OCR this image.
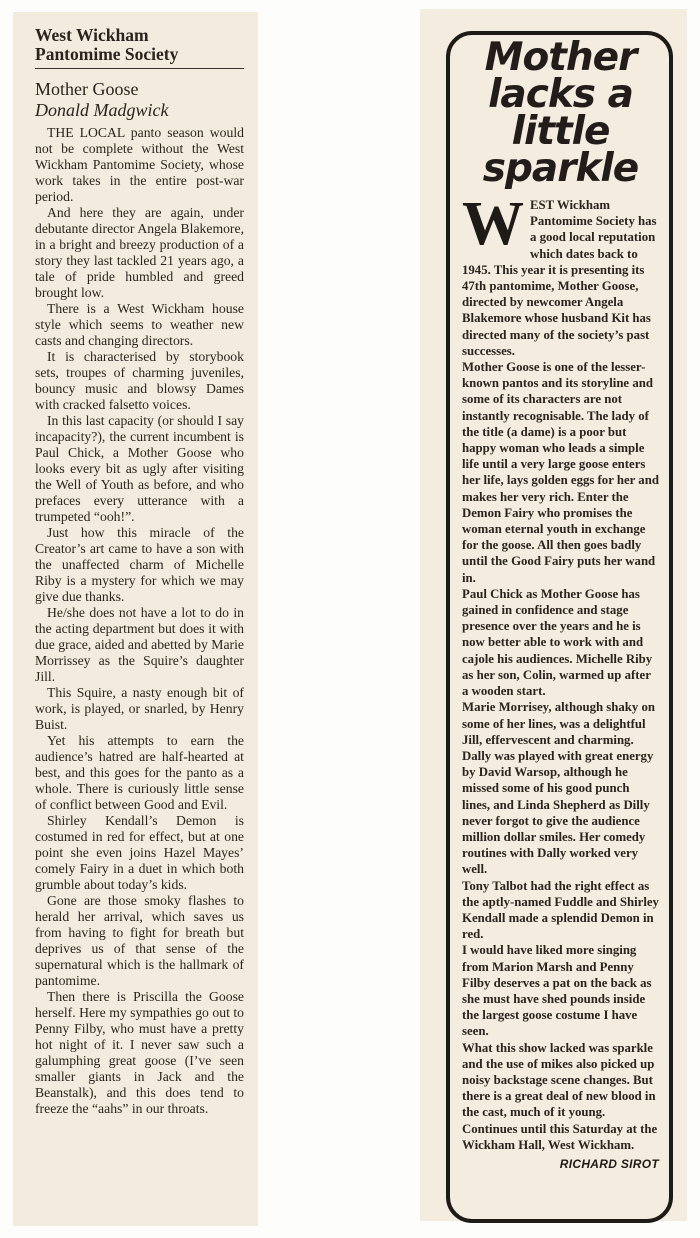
West Wickham
Pantomime Society
Mother Goose
Donald Madgwick

THE LOCAL panto season would not be complete without the West Wickham Pantomime Society, whose work takes in the entire post-war period.

And here they are again, under debutante director Angela Blakemore, in a bright and breezy production of a story they last tackled 21 years ago, a tale of pride humbled and greed brought low.

There is a West Wickham house style which seems to weather new casts and changing directors.

It is characterised by storybook sets, troupes of charming juveniles, bouncy music and blowsy Dames with cracked falsetto voices.

In this last capacity (or should I say incapacity?), the current incumbent is Paul Chick, a Mother Goose who looks every bit as ugly after visiting the Well of Youth as before, and who prefaces every utterance with a trumpeted “ooh!”.

Just how this miracle of the Creator’s art came to have a son with the unaffected charm of Michelle Riby is a mystery for which we may give due thanks.

He/she does not have a lot to do in the acting department but does it with due grace, aided and abetted by Marie Morrissey as the Squire’s daughter Jill.

This Squire, a nasty enough bit of work, is played, or snarled, by Henry Buist.

Yet his attempts to earn the audience’s hatred are half-hearted at best, and this goes for the panto as a whole. There is curiously little sense of conflict between Good and Evil.

Shirley Kendall’s Demon is costumed in red for effect, but at one point she even joins Hazel Mayes’ comely Fairy in a duet in which both grumble about today’s kids.

Gone are those smoky flashes to herald her arrival, which saves us from having to fight for breath but deprives us of that sense of the supernatural which is the hallmark of pantomime.

Then there is Priscilla the Goose herself. Here my sympathies go out to Penny Filby, who must have a pretty hot night of it. I never saw such a galumphing great goose (I’ve seen smaller giants in Jack and the Beanstalk), and this does tend to freeze the “aahs” in our throats.

Mother
lacks a
little
sparkle
W EST Wickham Pantomime Society has a good local reputation which dates back to 1945. This year it is presenting its 47th pantomime, Mother Goose, directed by newcomer Angela Blakemore whose husband Kit has directed many of the society’s past successes.

Mother Goose is one of the lesser-known pantos and its storyline and some of its characters are not instantly recognisable. The lady of the title (a dame) is a poor but happy woman who leads a simple life until a very large goose enters her life, lays golden eggs for her and makes her very rich. Enter the Demon Fairy who promises the woman eternal youth in exchange for the goose. All then goes badly until the Good Fairy puts her wand in.

Paul Chick as Mother Goose has gained in confidence and stage presence over the years and he is now better able to work with and cajole his audiences. Michelle Riby as her son, Colin, warmed up after a wooden start.

Marie Morrisey, although shaky on some of her lines, was a delightful Jill, effervescent and charming. Dally was played with great energy by David Warsop, although he missed some of his good punch lines, and Linda Shepherd as Dilly never forgot to give the audience million dollar smiles. Her comedy routines with Dally worked very well.

Tony Talbot had the right effect as the aptly-named Fuddle and Shirley Kendall made a splendid Demon in red.

I would have liked more singing from Marion Marsh and Penny Filby deserves a pat on the back as she must have shed pounds inside the largest goose costume I have seen.

What this show lacked was sparkle and the use of mikes also picked up noisy backstage scene changes. But there is a great deal of new blood in the cast, much of it young. Continues until this Saturday at the Wickham Hall, West Wickham.

RICHARD SIROT
